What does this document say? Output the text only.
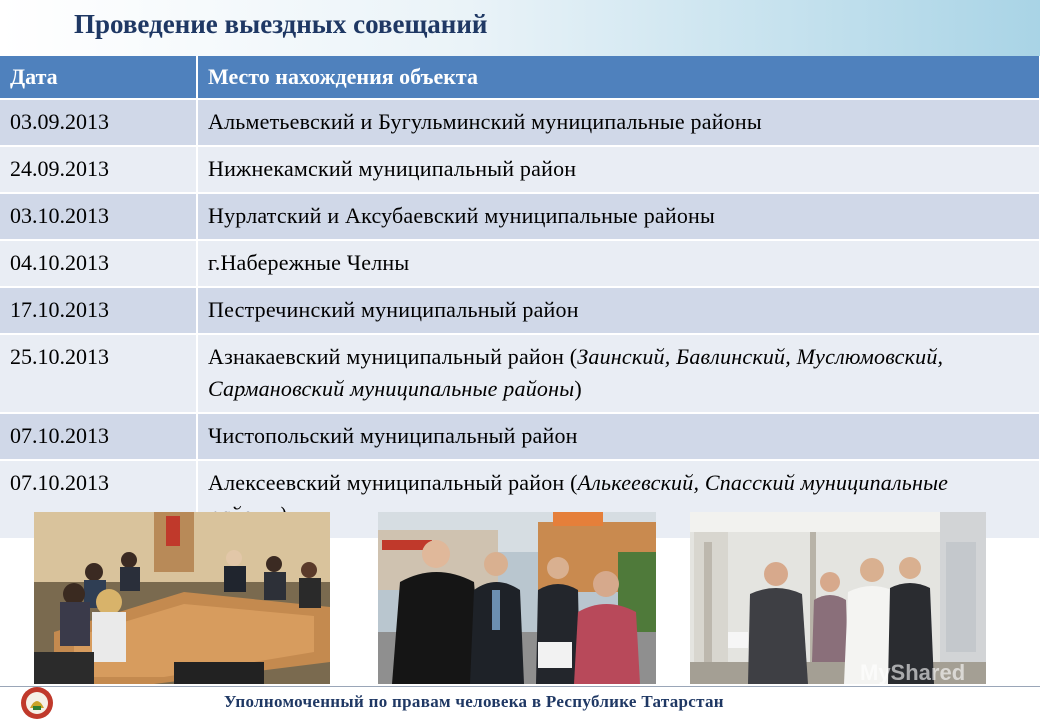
Проведение выездных совещаний
Дата	Место нахождения объекта
03.09.2013	Альметьевский и Бугульминский муниципальные районы
24.09.2013	Нижнекамский муниципальный район
03.10.2013	Нурлатский и Аксубаевский муниципальные районы
04.10.2013	г.Набережные Челны
17.10.2013	Пестречинский муниципальный район
25.10.2013	Азнакаевский муниципальный район (Заинский, Бавлинский, Муслюмовский, Сармановский муниципальные районы)
07.10.2013	Чистопольский муниципальный район
07.10.2013	Алексеевский муниципальный район (Алькеевский, Спасский муниципальные
MyShared
Уполномоченный по правам человека в Республике Татарстан
